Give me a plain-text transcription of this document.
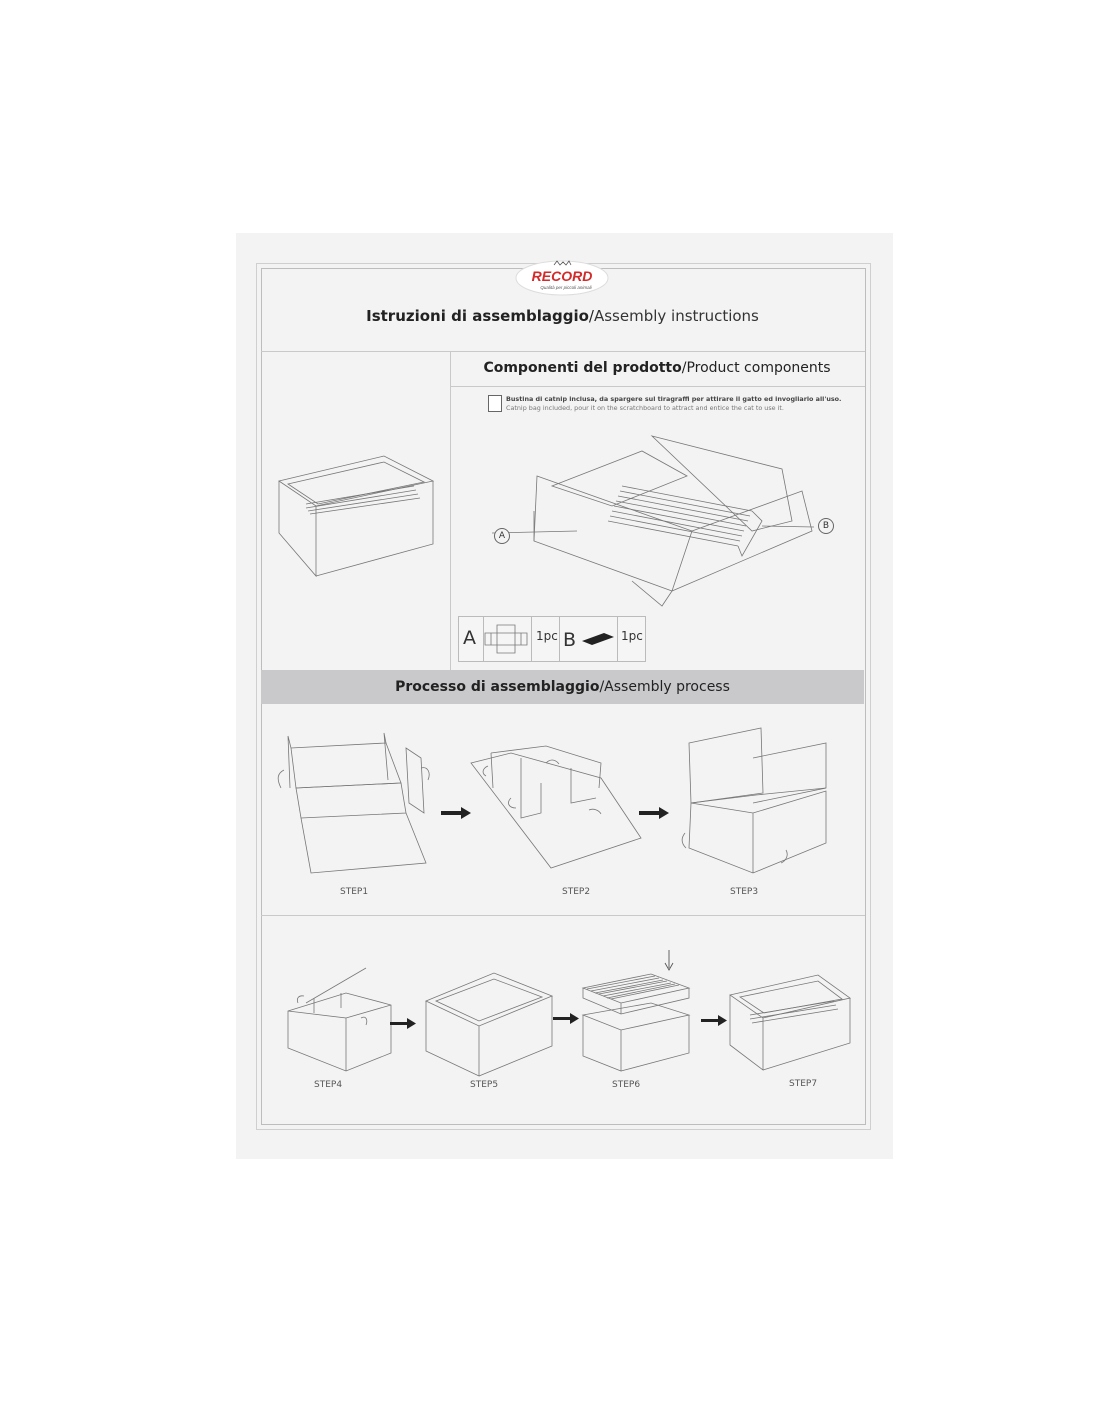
RECORD
Qualità per piccoli animali
Istruzioni di assemblaggio/Assembly instructions
Componenti del prodotto/Product components
Bustina di catnip inclusa, da spargere sul tiragraffi per attirare il gatto ed invogliarlo all'uso.
Catnip bag included, pour it on the scratchboard to attract and entice the cat to use it.
A
B
A	1pc B	1pc
Processo di assemblaggio/Assembly process
STEP1	STEP2	STEP3
STEP4	STEP5	STEP6	STEP7
